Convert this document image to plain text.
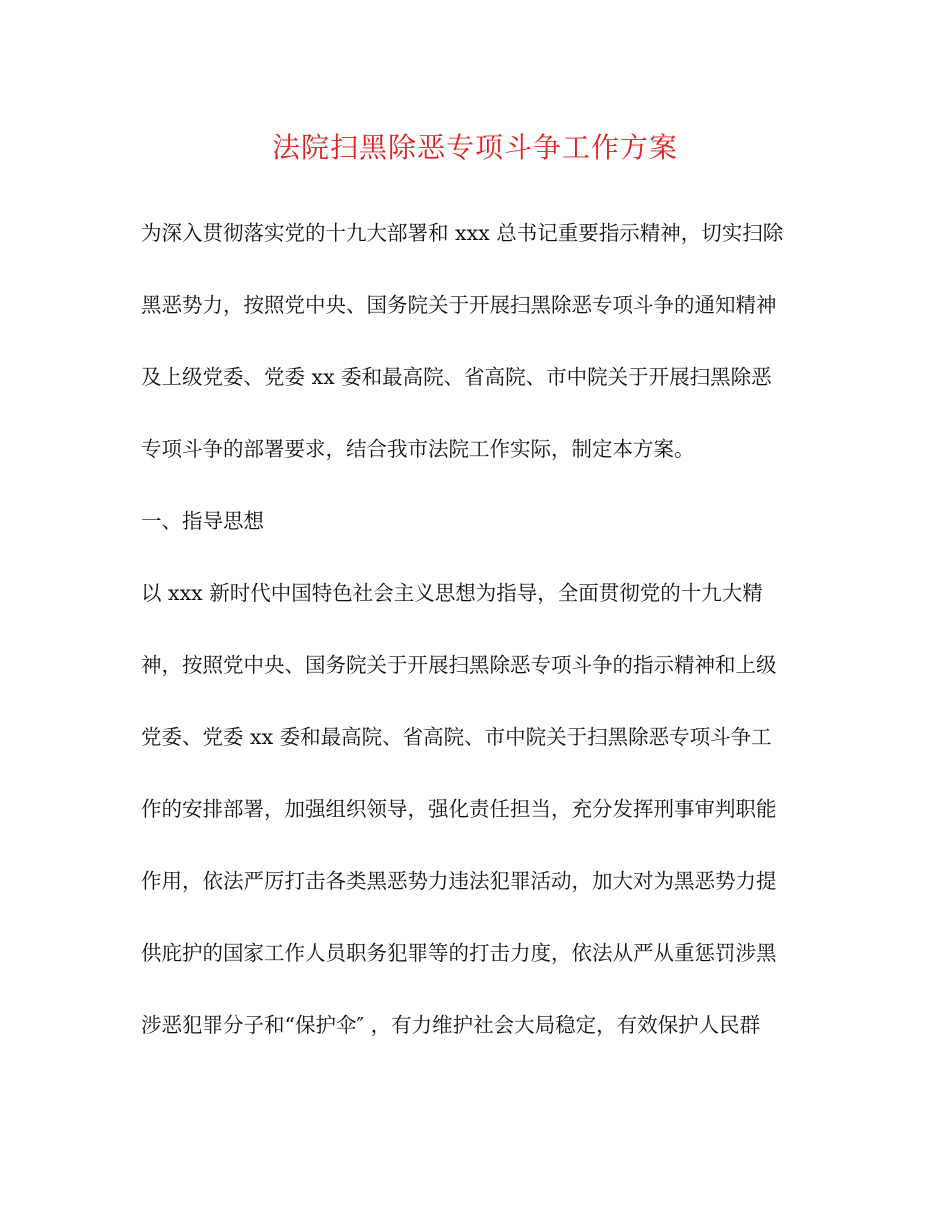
法院扫黑除恶专项斗争工作方案
为深入贯彻落实党的十九大部署和 xxx 总书记重要指示精神，切实扫除
黑恶势力，按照党中央、国务院关于开展扫黑除恶专项斗争的通知精神
及上级党委、党委 xx 委和最高院、省高院、市中院关于开展扫黑除恶
专项斗争的部署要求，结合我市法院工作实际，制定本方案。
一、指导思想
以 xxx 新时代中国特色社会主义思想为指导，全面贯彻党的十九大精
神，按照党中央、国务院关于开展扫黑除恶专项斗争的指示精神和上级
党委、党委 xx 委和最高院、省高院、市中院关于扫黑除恶专项斗争工
作的安排部署，加强组织领导，强化责任担当，充分发挥刑事审判职能
作用，依法严厉打击各类黑恶势力违法犯罪活动，加大对为黑恶势力提
供庇护的国家工作人员职务犯罪等的打击力度，依法从严从重惩罚涉黑
涉恶犯罪分子和“保护伞″ ，有力维护社会大局稳定，有效保护人民群
